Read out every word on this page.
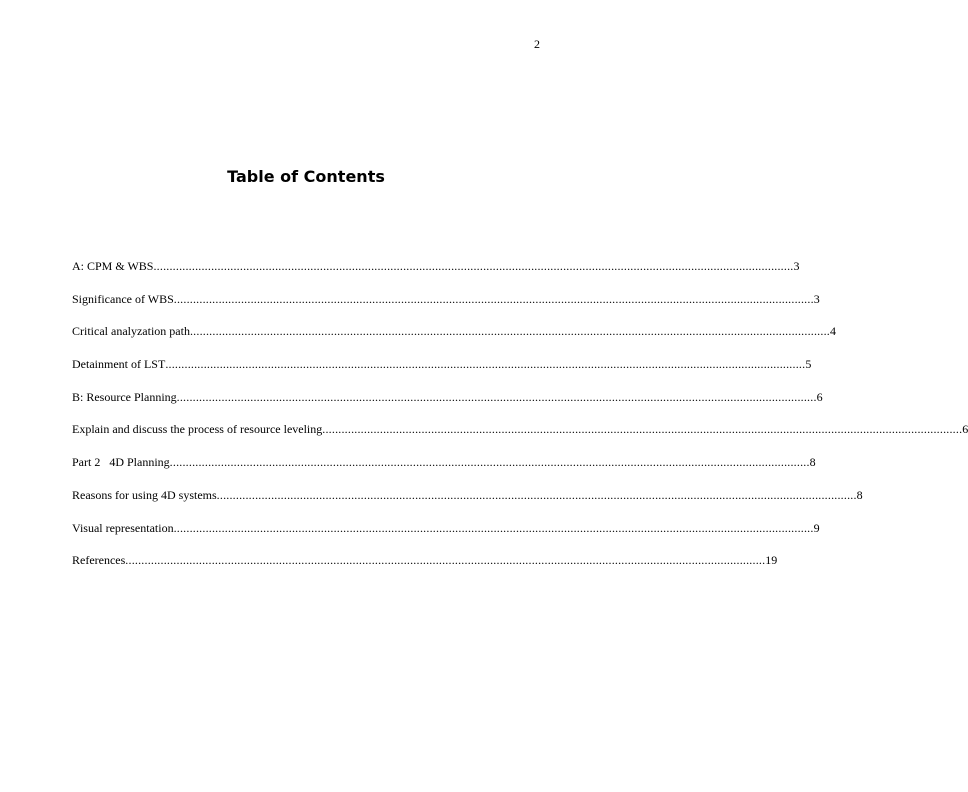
2
Table of Contents
A: CPM & WBS ........................................................................................................................................................................................................ 3
Significance of WBS ........................................................................................................................................................................................................ 3
Critical analyzation path ........................................................................................................................................................................................................ 4
Detainment of LST ........................................................................................................................................................................................................ 5
B: Resource Planning ........................................................................................................................................................................................................ 6
Explain and discuss the process of resource leveling ........................................................................................................................................................................................................ 6
Part 2   4D Planning ........................................................................................................................................................................................................ 8
Reasons for using 4D systems ........................................................................................................................................................................................................ 8
Visual representation ........................................................................................................................................................................................................ 9
References ........................................................................................................................................................................................................ 19
